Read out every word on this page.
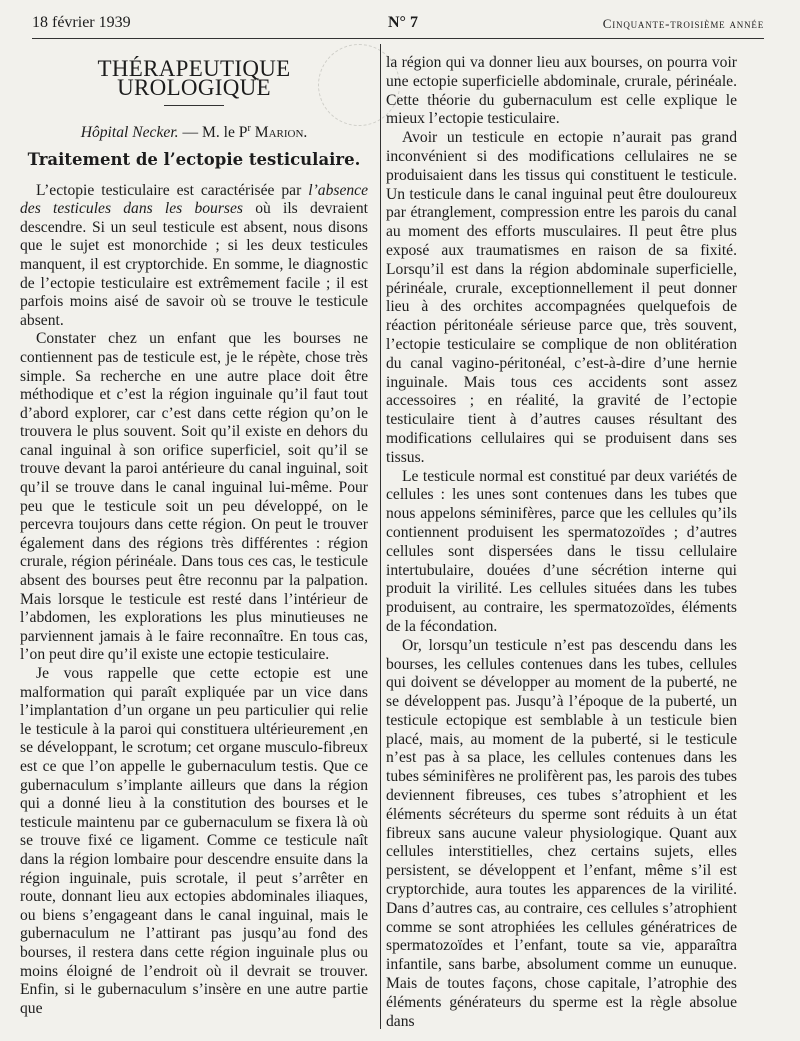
18 février 1939	N° 7	Cinquante-troisième année
THÉRAPEUTIQUE UROLOGIQUE
Hôpital Necker. — M. le $P^r$ Marion.
Traitement de l’ectopie testiculaire.

L’ectopie testiculaire est caractérisée par l’absence des testicules dans les bourses où ils devraient descendre. Si un seul testicule est absent, nous disons que le sujet est monorchide ; si les deux testicules manquent, il est cryptorchide. En somme, le diagnostic de l’ectopie testiculaire est extrêmement facile ; il est parfois moins aisé de savoir où se trouve le testicule absent.

Constater chez un enfant que les bourses ne contiennent pas de testicule est, je le répète, chose très simple. Sa recherche en une autre place doit être méthodique et c’est la région inguinale qu’il faut tout d’abord explorer, car c’est dans cette région qu’on le trouvera le plus souvent. Soit qu’il existe en dehors du canal inguinal à son orifice superficiel, soit qu’il se trouve devant la paroi antérieure du canal inguinal, soit qu’il se trouve dans le canal inguinal lui-même. Pour peu que le testicule soit un peu développé, on le percevra toujours dans cette région. On peut le trouver également dans des régions très différentes : région crurale, région périnéale. Dans tous ces cas, le testicule absent des bourses peut être reconnu par la palpation. Mais lorsque le testicule est resté dans l’intérieur de l’abdomen, les explorations les plus minutieuses ne parviennent jamais à le faire reconnaître. En tous cas, l’on peut dire qu’il existe une ectopie testiculaire.

Je vous rappelle que cette ectopie est une malformation qui paraît expliquée par un vice dans l’implantation d’un organe un peu particulier qui relie le testicule à la paroi qui constituera ultérieurement ,en se développant, le scrotum; cet organe musculo-fibreux est ce que l’on appelle le gubernaculum testis. Que ce gubernaculum s’implante ailleurs que dans la région qui a donné lieu à la constitution des bourses et le testicule maintenu par ce gubernaculum se fixera là où se trouve fixé ce ligament. Comme ce testicule naît dans la région lombaire pour descendre ensuite dans la région inguinale, puis scrotale, il peut s’arrêter en route, donnant lieu aux ectopies abdominales iliaques, ou biens s’engageant dans le canal inguinal, mais le gubernaculum ne l’attirant pas jusqu’au fond des bourses, il restera dans cette région inguinale plus ou moins éloigné de l’endroit où il devrait se trouver. Enfin, si le gubernaculum s’insère en une autre partie que

la région qui va donner lieu aux bourses, on pourra voir une ectopie superficielle abdominale, crurale, périnéale. Cette théorie du gubernaculum est celle explique le mieux l’ectopie testiculaire.

Avoir un testicule en ectopie n’aurait pas grand inconvénient si des modifications cellulaires ne se produisaient dans les tissus qui constituent le testicule. Un testicule dans le canal inguinal peut être douloureux par étranglement, compression entre les parois du canal au moment des efforts musculaires. Il peut être plus exposé aux traumatismes en raison de sa fixité. Lorsqu’il est dans la région abdominale superficielle, périnéale, crurale, exceptionnellement il peut donner lieu à des orchites accompagnées quelquefois de réaction péritonéale sérieuse parce que, très souvent, l’ectopie testiculaire se complique de non oblitération du canal vagino-péritonéal, c’est-à-dire d’une hernie inguinale. Mais tous ces accidents sont assez accessoires ; en réalité, la gravité de l’ectopie testiculaire tient à d’autres causes résultant des modifications cellulaires qui se produisent dans ses tissus.

Le testicule normal est constitué par deux variétés de cellules : les unes sont contenues dans les tubes que nous appelons séminifères, parce que les cellules qu’ils contiennent produisent les spermatozoïdes ; d’autres cellules sont dispersées dans le tissu cellulaire intertubulaire, douées d’une sécrétion interne qui produit la virilité. Les cellules situées dans les tubes produisent, au contraire, les spermatozoïdes, éléments de la fécondation.

Or, lorsqu’un testicule n’est pas descendu dans les bourses, les cellules contenues dans les tubes, cellules qui doivent se développer au moment de la puberté, ne se développent pas. Jusqu’à l’époque de la puberté, un testicule ectopique est semblable à un testicule bien placé, mais, au moment de la puberté, si le testicule n’est pas à sa place, les cellules contenues dans les tubes séminifères ne prolifèrent pas, les parois des tubes deviennent fibreuses, ces tubes s’atrophient et les éléments sécréteurs du sperme sont réduits à un état fibreux sans aucune valeur physiologique. Quant aux cellules interstitielles, chez certains sujets, elles persistent, se développent et l’enfant, même s’il est cryptorchide, aura toutes les apparences de la virilité. Dans d’autres cas, au contraire, ces cellules s’atrophient comme se sont atrophiées les cellules génératrices de spermatozoïdes et l’enfant, toute sa vie, apparaîtra infantile, sans barbe, absolument comme un eunuque. Mais de toutes façons, chose capitale, l’atrophie des éléments générateurs du sperme est la règle absolue dans
